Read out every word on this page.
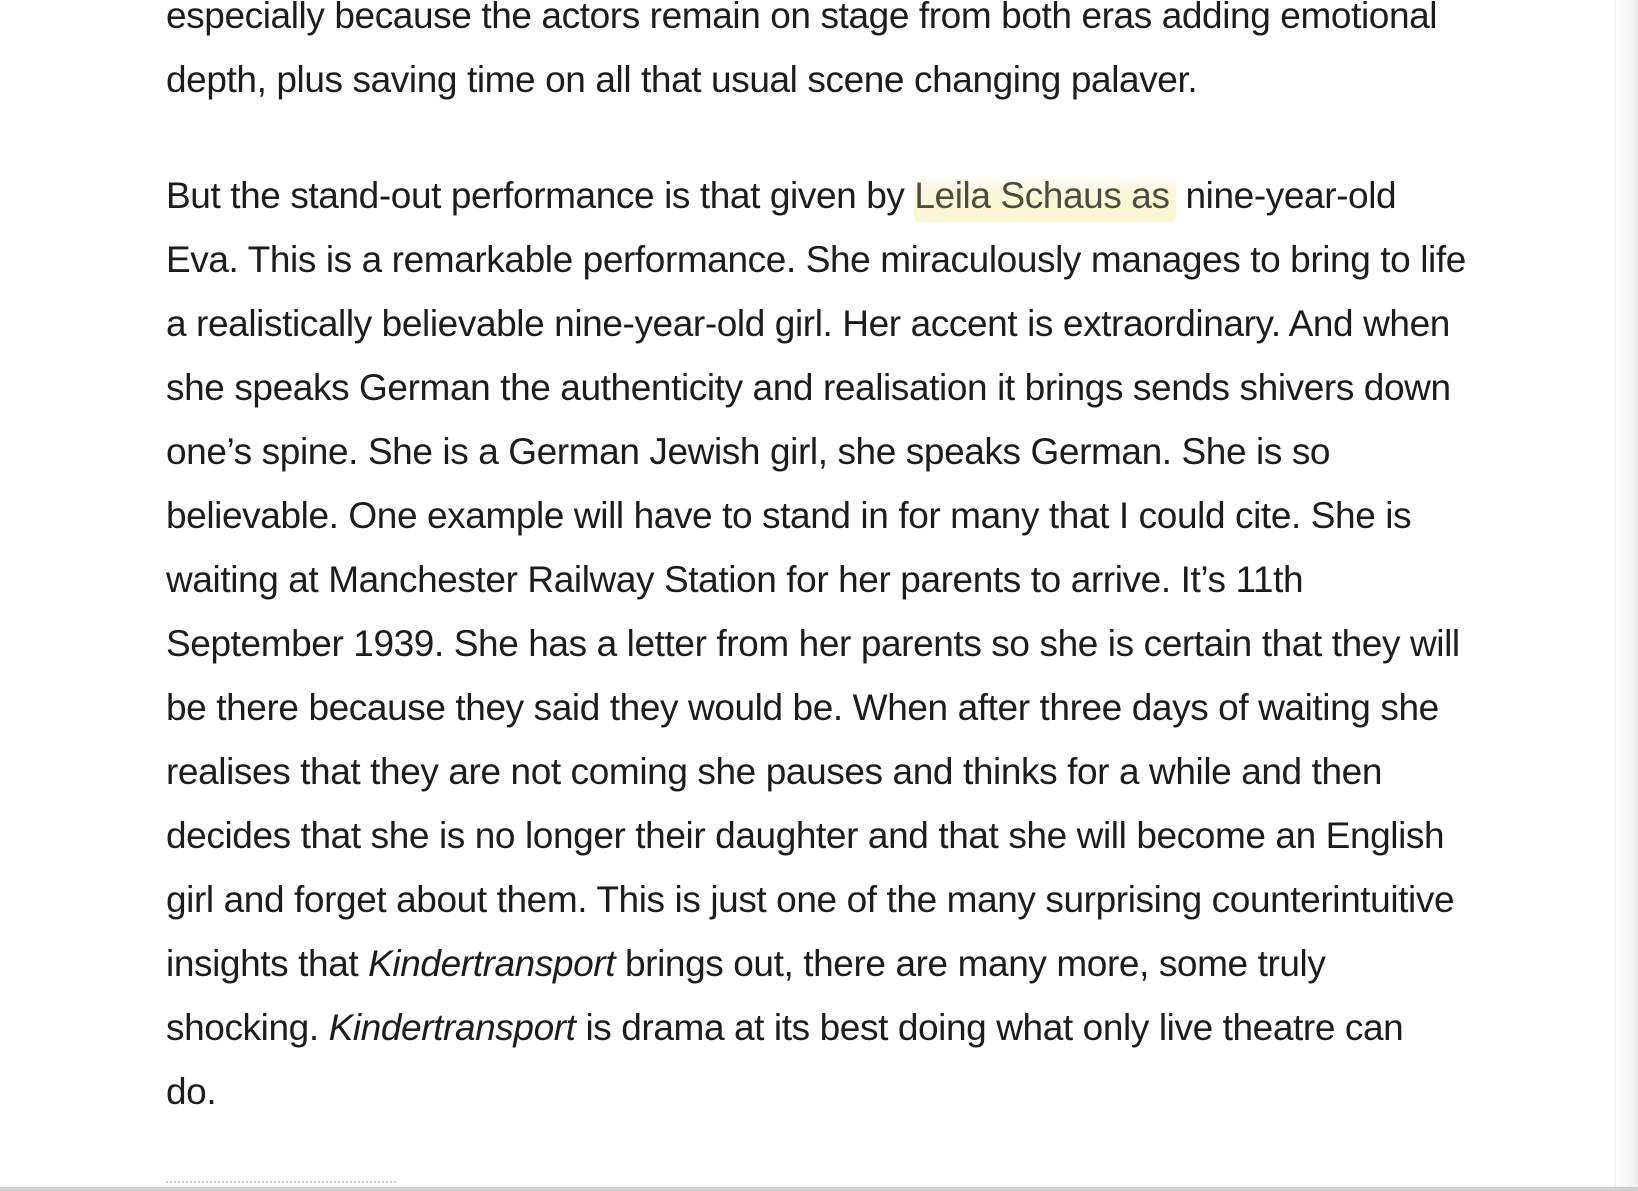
especially because the actors remain on stage from both eras adding emotional
depth, plus saving time on all that usual scene changing palaver.

But the stand-out performance is that given by Leila Schaus as nine-year-old
Eva. This is a remarkable performance. She miraculously manages to bring to life
a realistically believable nine-year-old girl. Her accent is extraordinary. And when
she speaks German the authenticity and realisation it brings sends shivers down
one’s spine. She is a German Jewish girl, she speaks German. She is so
believable. One example will have to stand in for many that I could cite. She is
waiting at Manchester Railway Station for her parents to arrive. It’s 11th
September 1939. She has a letter from her parents so she is certain that they will
be there because they said they would be. When after three days of waiting she
realises that they are not coming she pauses and thinks for a while and then
decides that she is no longer their daughter and that she will become an English
girl and forget about them. This is just one of the many surprising counterintuitive
insights that Kindertransport brings out, there are many more, some truly
shocking. Kindertransport is drama at its best doing what only live theatre can
do.
